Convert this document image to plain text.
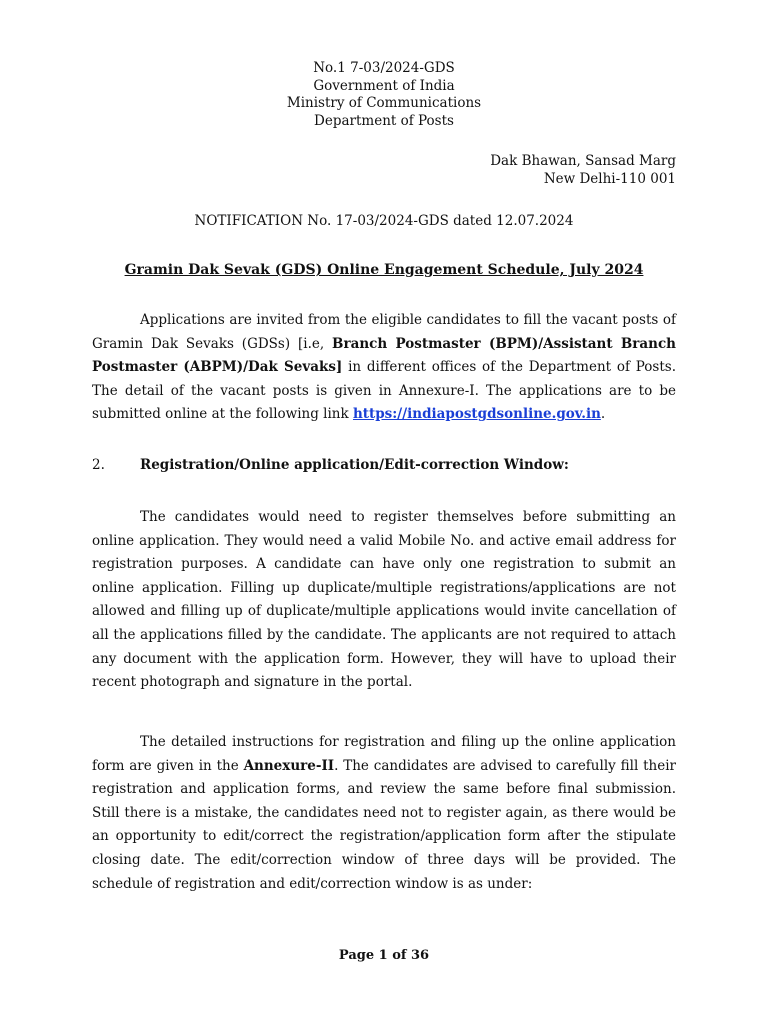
No.1 7-03/2024-GDS
Government of India
Ministry of Communications
Department of Posts
Dak Bhawan, Sansad Marg
New Delhi-110 001
NOTIFICATION No. 17-03/2024-GDS dated 12.07.2024
Gramin Dak Sevak (GDS) Online Engagement Schedule, July 2024

Applications are invited from the eligible candidates to fill the vacant posts of Gramin Dak Sevaks (GDSs) [i.e, Branch Postmaster (BPM)/Assistant Branch Postmaster (ABPM)/Dak Sevaks] in different offices of the Department of Posts. The detail of the vacant posts is given in Annexure-I. The applications are to be submitted online at the following link https://indiapostgdsonline.gov.in.

2.	Registration/Online application/Edit-correction Window:

The candidates would need to register themselves before submitting an online application. They would need a valid Mobile No. and active email address for registration purposes. A candidate can have only one registration to submit an online application. Filling up duplicate/multiple registrations/applications are not allowed and filling up of duplicate/multiple applications would invite cancellation of all the applications filled by the candidate. The applicants are not required to attach any document with the application form. However, they will have to upload their recent photograph and signature in the portal.

The detailed instructions for registration and filing up the online application form are given in the Annexure-II. The candidates are advised to carefully fill their registration and application forms, and review the same before final submission. Still there is a mistake, the candidates need not to register again, as there would be an opportunity to edit/correct the registration/application form after the stipulate closing date. The edit/correction window of three days will be provided. The schedule of registration and edit/correction window is as under:

Page 1 of 36
